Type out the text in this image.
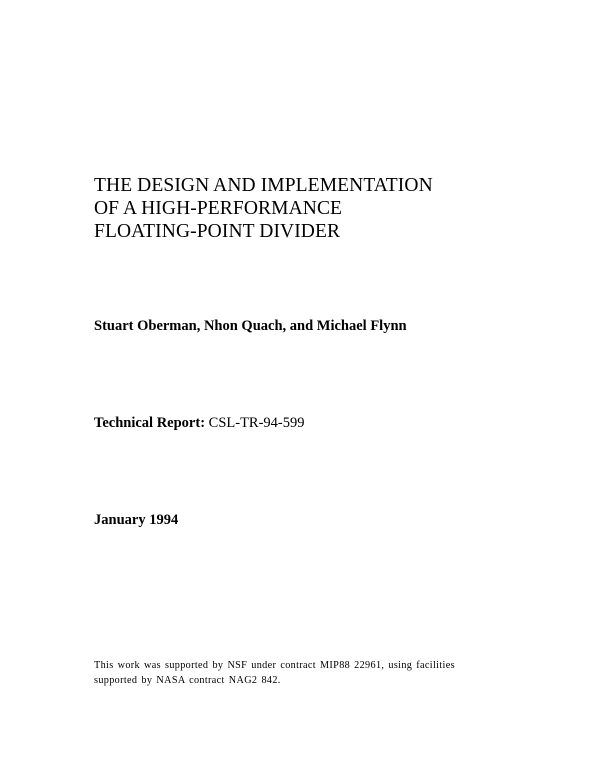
THE DESIGN AND IMPLEMENTATION
OF A HIGH-PERFORMANCE
FLOATING-POINT DIVIDER

Stuart Oberman, Nhon Quach, and Michael Flynn

Technical Report: CSL-TR-94-599

January 1994

This work was supported by NSF under contract MIP88 22961, using facilities
supported by NASA contract NAG2 842.
